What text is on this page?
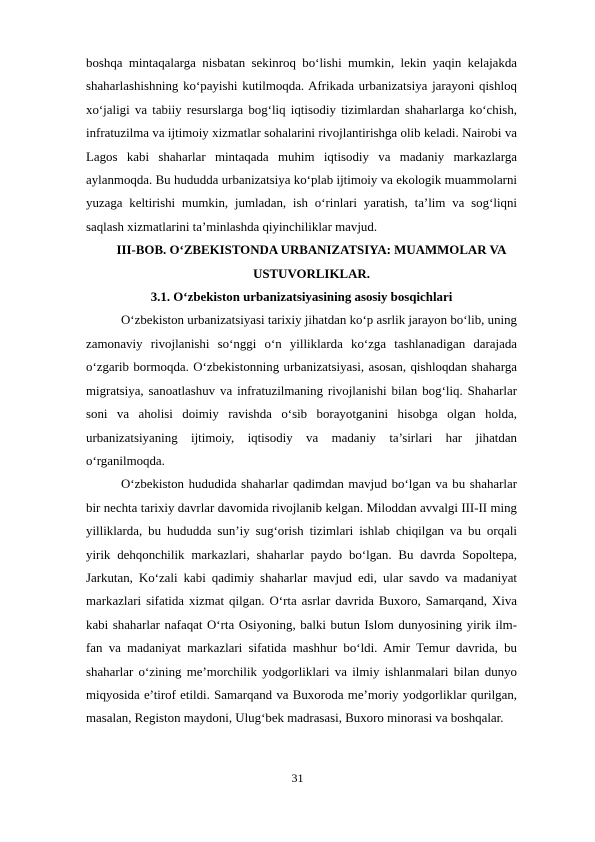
boshqa mintaqalarga nisbatan sekinroq bo‘lishi mumkin, lekin yaqin kelajakda shaharlashishning ko‘payishi kutilmoqda. Afrikada urbanizatsiya jarayoni qishloq xo‘jaligi va tabiiy resurslarga bog‘liq iqtisodiy tizimlardan shaharlarga ko‘chish, infratuzilma va ijtimoiy xizmatlar sohalarini rivojlantirishga olib keladi. Nairobi va Lagos kabi shaharlar mintaqada muhim iqtisodiy va madaniy markazlarga aylanmoqda. Bu hududda urbanizatsiya ko‘plab ijtimoiy va ekologik muammolarni yuzaga keltirishi mumkin, jumladan, ish o‘rinlari yaratish, ta’lim va sog‘liqni saqlash xizmatlarini ta’minlashda qiyinchiliklar mavjud.

III-BOB. O‘ZBEKISTONDA URBANIZATSIYA: MUAMMOLAR VA USTUVORLIKLAR.

3.1. O‘zbekiston urbanizatsiyasining asosiy bosqichlari

O‘zbekiston urbanizatsiyasi tarixiy jihatdan ko‘p asrlik jarayon bo‘lib, uning zamonaviy rivojlanishi so‘nggi o‘n yilliklarda ko‘zga tashlanadigan darajada o‘zgarib bormoqda. O‘zbekistonning urbanizatsiyasi, asosan, qishloqdan shaharga migratsiya, sanoatlashuv va infratuzilmaning rivojlanishi bilan bog‘liq. Shaharlar soni va aholisi doimiy ravishda o‘sib borayotganini hisobga olgan holda, urbanizatsiyaning ijtimoiy, iqtisodiy va madaniy ta’sirlari har jihatdan o‘rganilmoqda.

O‘zbekiston hududida shaharlar qadimdan mavjud bo‘lgan va bu shaharlar bir nechta tarixiy davrlar davomida rivojlanib kelgan. Miloddan avvalgi III-II ming yilliklarda, bu hududda sun’iy sug‘orish tizimlari ishlab chiqilgan va bu orqali yirik dehqonchilik markazlari, shaharlar paydo bo‘lgan. Bu davrda Sopoltepa, Jarkutan, Ko‘zali kabi qadimiy shaharlar mavjud edi, ular savdo va madaniyat markazlari sifatida xizmat qilgan. O‘rta asrlar davrida Buxoro, Samarqand, Xiva kabi shaharlar nafaqat O‘rta Osiyoning, balki butun Islom dunyosining yirik ilm-fan va madaniyat markazlari sifatida mashhur bo‘ldi. Amir Temur davrida, bu shaharlar o‘zining me’morchilik yodgorliklari va ilmiy ishlanmalari bilan dunyo miqyosida e’tirof etildi. Samarqand va Buxoroda me’moriy yodgorliklar qurilgan, masalan, Registon maydoni, Ulug‘bek madrasasi, Buxoro minorasi va boshqalar.

31
